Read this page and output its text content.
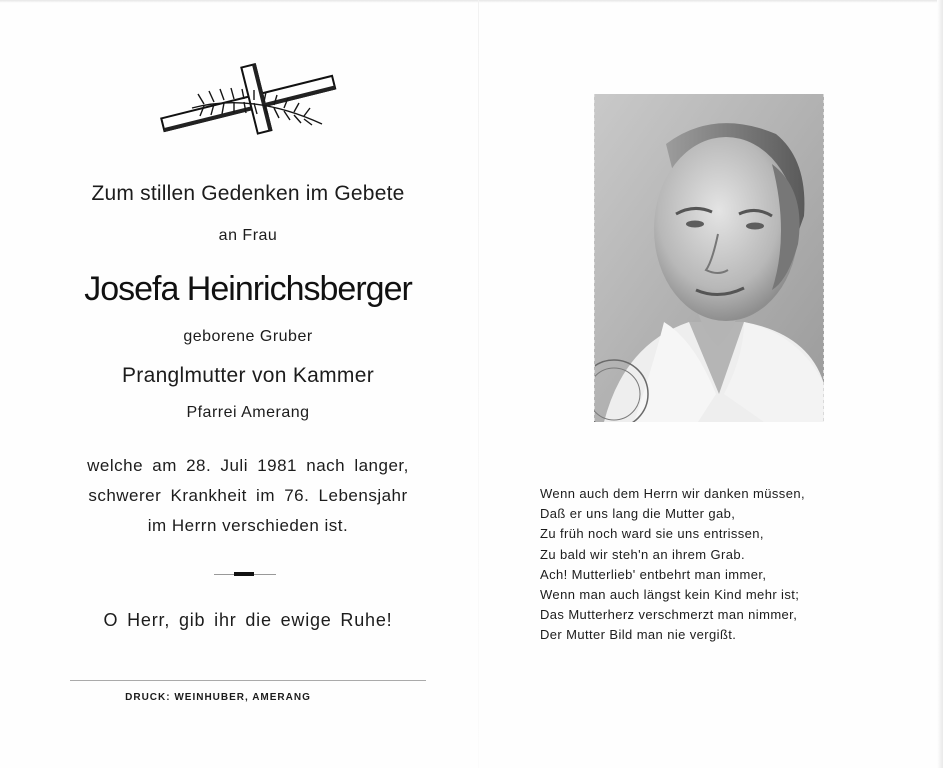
Zum stillen Gedenken im Gebete
an Frau
Josefa Heinrichsberger
geborene Gruber
Pranglmutter von Kammer
Pfarrei Amerang
welche am 28. Juli 1981 nach langer,
schwerer Krankheit im 76. Lebensjahr
im Herrn verschieden ist.
O Herr, gib ihr die ewige Ruhe!
DRUCK: WEINHUBER, AMERANG
Wenn auch dem Herrn wir danken müssen,
Daß er uns lang die Mutter gab,
Zu früh noch ward sie uns entrissen,
Zu bald wir steh'n an ihrem Grab.
Ach! Mutterlieb' entbehrt man immer,
Wenn man auch längst kein Kind mehr ist;
Das Mutterherz verschmerzt man nimmer,
Der Mutter Bild man nie vergißt.
